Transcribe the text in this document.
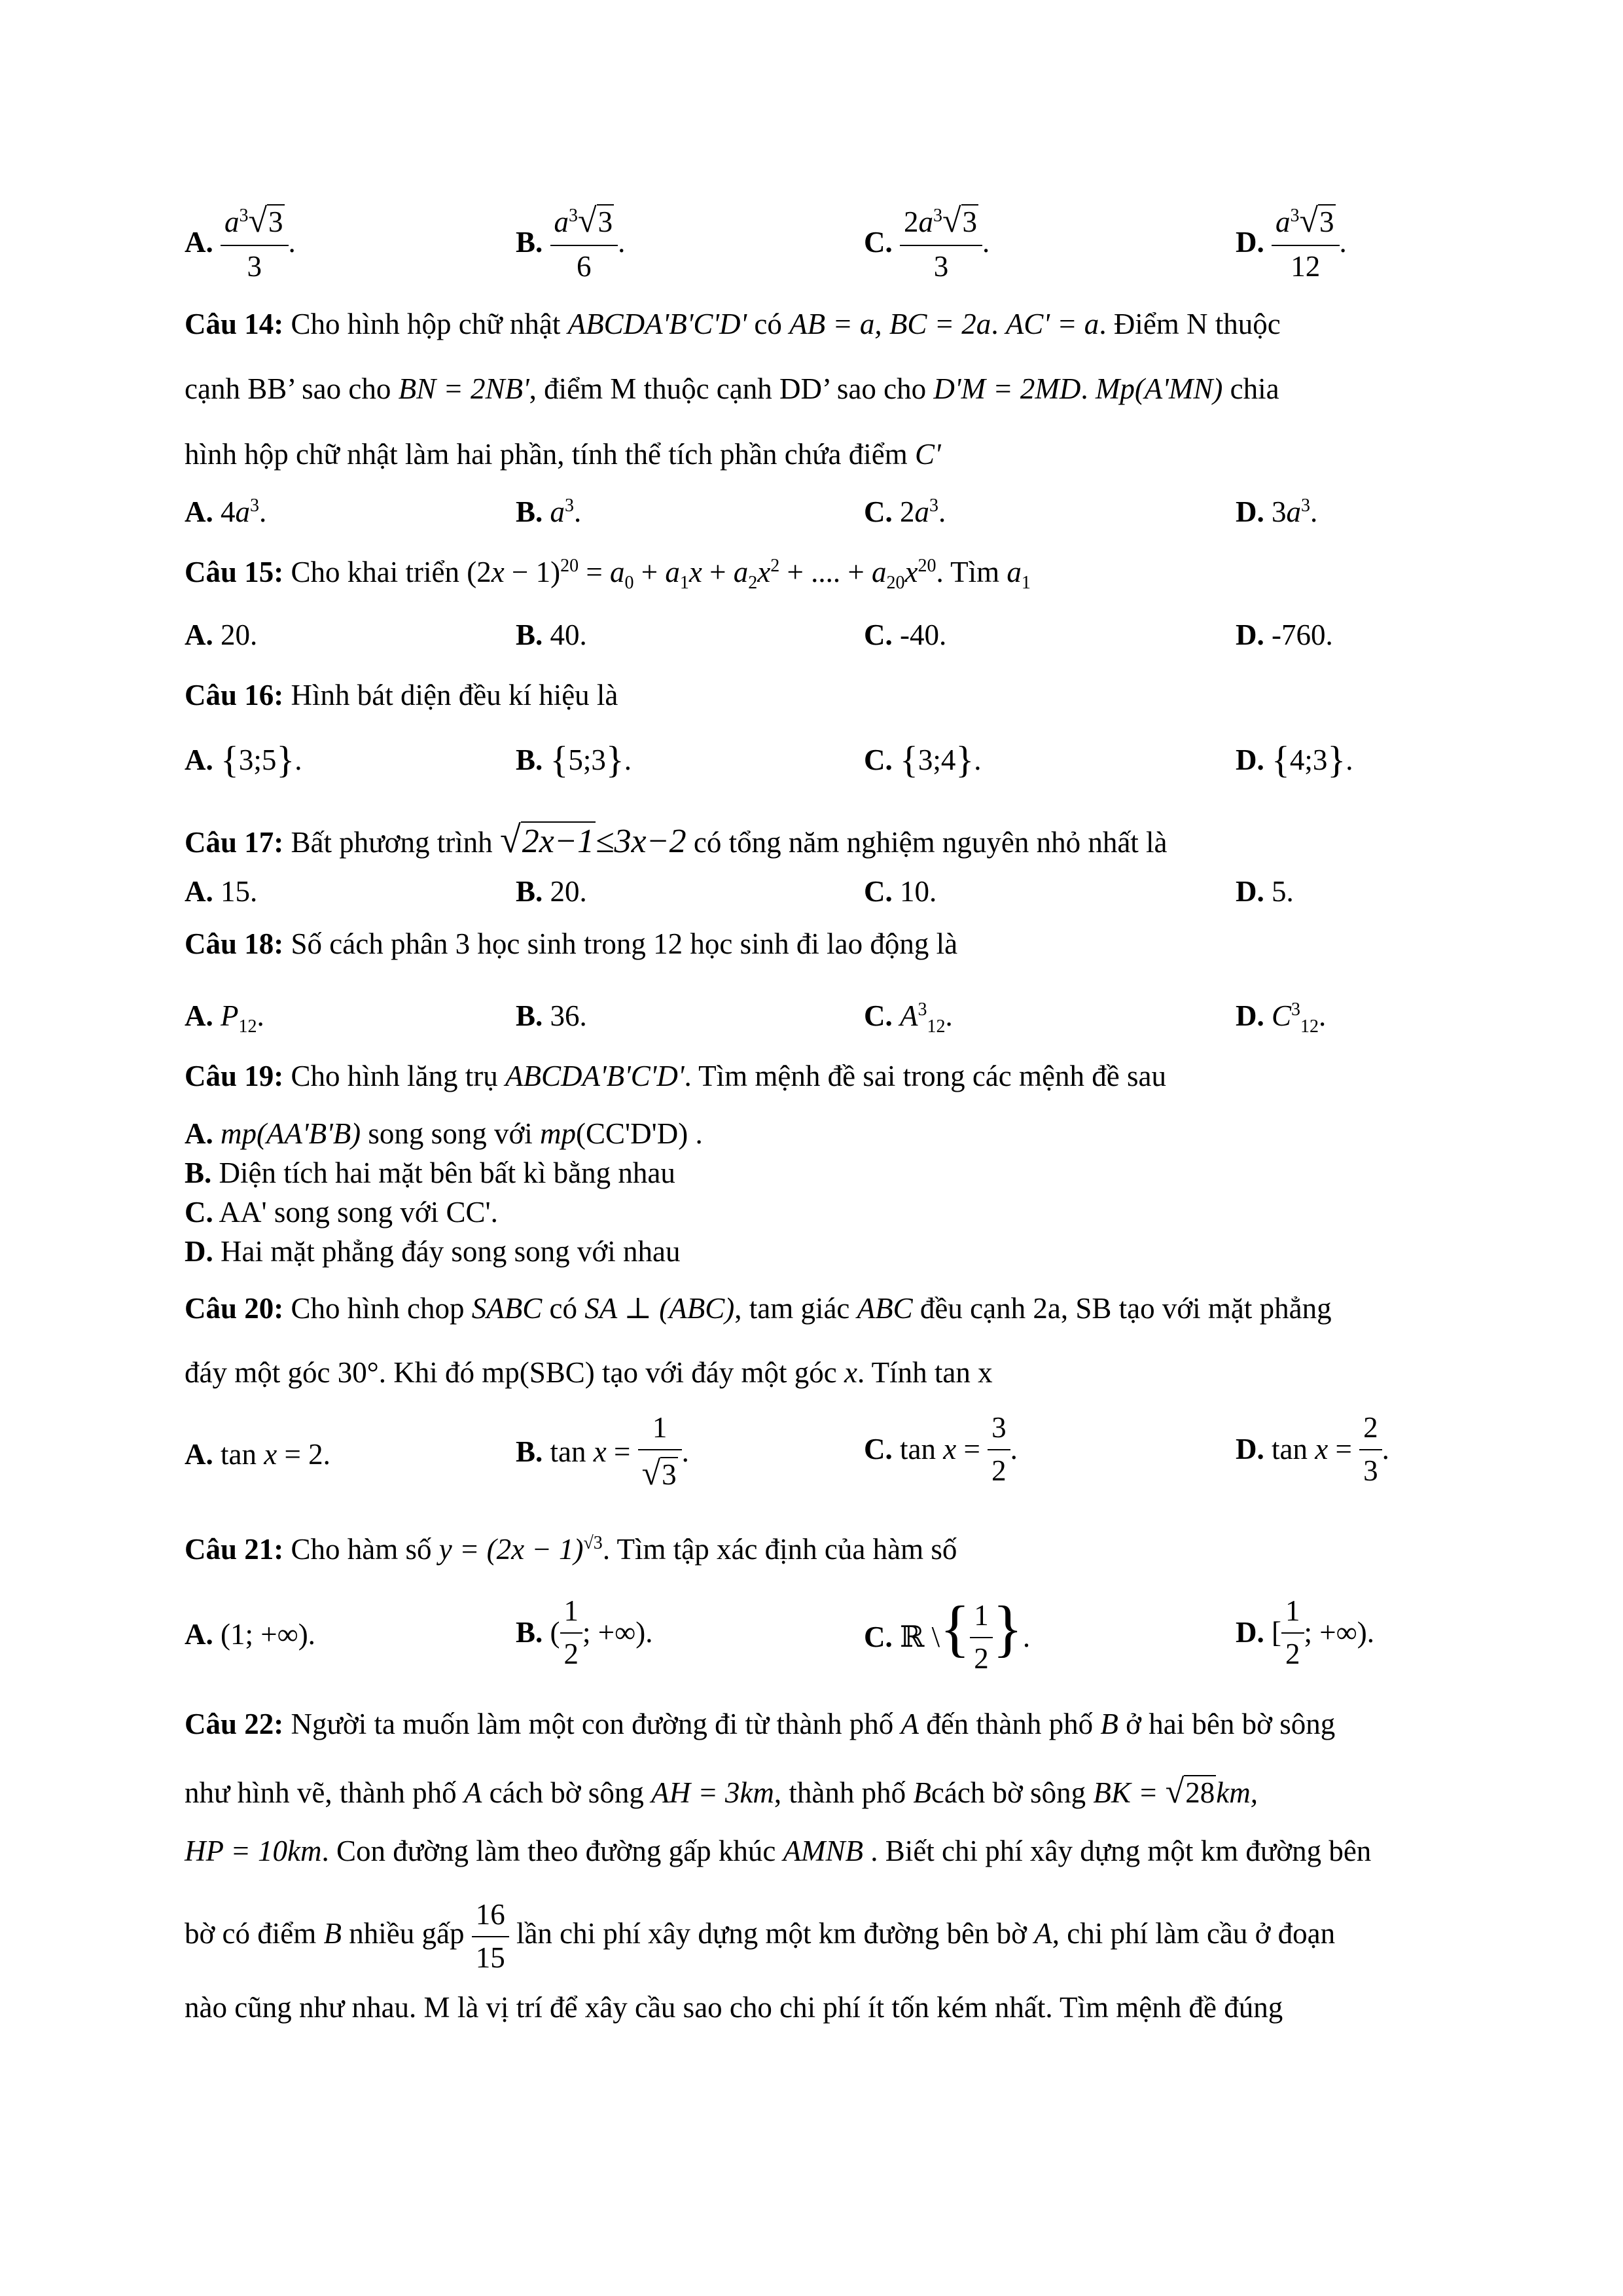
A. $\frac{a^3√3}{3}$ .	B. $\frac{a^3√3}{6}$ .	C. $\frac{2a^3√3}{3}$ .	D. $\frac{a^3√3}{12}$ .
Câu 14: Cho hình hộp chữ nhật ABCDA'B'C'D' có AB = a, BC = 2a. AC' = a. Điểm N thuộc
cạnh BB’ sao cho BN = 2NB', điểm M thuộc cạnh DD’ sao cho D'M = 2MD. Mp(A'MN) chia
hình hộp chữ nhật làm hai phần, tính thể tích phần chứa điểm C'
A. $4a^3$.	B. $a^3$.	C. $2a^3$.	D. $3a^3$.
Câu 15: Cho khai triển $(2x - 1)^{20} = a_0 + a_1x + a_2x^2$ + .... + $a_{20}x^{20}$. Tìm $a_1$
A. 20.	B. 40.	C. -40.	D. -760.
Câu 16: Hình bát diện đều kí hiệu là
A. {3;5}.	B. {5;3}.	C. {3;4}.	D. {4;3}.
Câu 17: Bất phương trình √2x−1≤3x−2 có tổng năm nghiệm nguyên nhỏ nhất là
A. 15.	B. 20.	C. 10.	D. 5.
Câu 18: Số cách phân 3 học sinh trong 12 học sinh đi lao động là
A. $P_{12}$.	B. 36.	C. $A^3_{12}$.	D. $C^3_{12}$.
Câu 19: Cho hình lăng trụ ABCDA'B'C'D'. Tìm mệnh đề sai trong các mệnh đề sau
A. mp(AA'B'B) song song với mp(CC'D'D) .
B. Diện tích hai mặt bên bất kì bằng nhau
C. AA' song song với CC'.
D. Hai mặt phẳng đáy song song với nhau
Câu 20: Cho hình chop SABC có SA ⊥ (ABC), tam giác ABC đều cạnh 2a, SB tạo với mặt phẳng
đáy một góc 30°. Khi đó mp(SBC) tạo với đáy một góc x. Tính tan x
A. tan x = 2.	B. $\tan x = \frac{1}{√3}$ .	C. $\tan x = \frac{3}{2}$ .	D. $\tan x = \frac{2}{3}$ .
Câu 21: Cho hàm số $y = (2x - 1)^{√3}$. Tìm tập xác định của hàm số
A. (1; +∞).	B. ( $\frac{1}{2}$ ; +∞).	C. ℝ \{ $\frac{1}{2}$ }.	D. [ $\frac{1}{2}$ ; +∞).
Câu 22: Người ta muốn làm một con đường đi từ thành phố A đến thành phố B ở hai bên bờ sông
như hình vẽ, thành phố A cách bờ sông AH = 3km, thành phố Bcách bờ sông BK = √28km,
HP = 10km. Con đường làm theo đường gấp khúc AMNB . Biết chi phí xây dựng một km đường bên
bờ có điểm B nhiều gấp $\frac{16}{15}$ lần chi phí xây dựng một km đường bên bờ A, chi phí làm cầu ở đoạn
nào cũng như nhau. M là vị trí để xây cầu sao cho chi phí ít tốn kém nhất. Tìm mệnh đề đúng
